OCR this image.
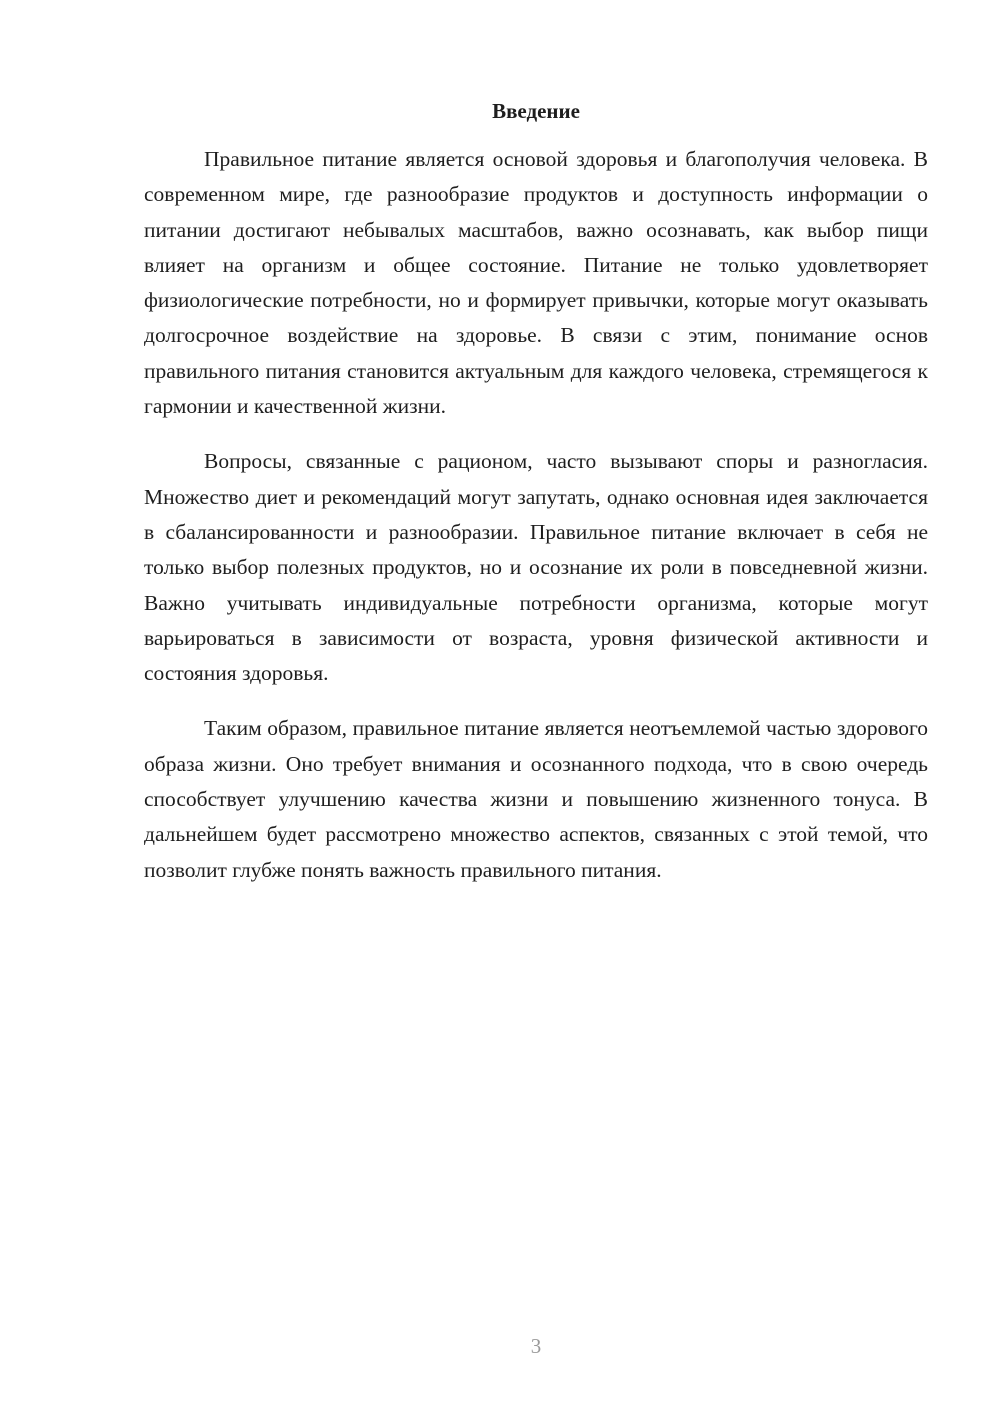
Введение

Правильное питание является основой здоровья и благополучия человека. В современном мире, где разнообразие продуктов и доступность информации о питании достигают небывалых масштабов, важно осознавать, как выбор пищи влияет на организм и общее состояние. Питание не только удовлетворяет физиологические потребности, но и формирует привычки, которые могут оказывать долгосрочное воздействие на здоровье. В связи с этим, понимание основ правильного питания становится актуальным для каждого человека, стремящегося к гармонии и качественной жизни.

Вопросы, связанные с рационом, часто вызывают споры и разногласия. Множество диет и рекомендаций могут запутать, однако основная идея заключается в сбалансированности и разнообразии. Правильное питание включает в себя не только выбор полезных продуктов, но и осознание их роли в повседневной жизни. Важно учитывать индивидуальные потребности организма, которые могут варьироваться в зависимости от возраста, уровня физической активности и состояния здоровья.

Таким образом, правильное питание является неотъемлемой частью здорового образа жизни. Оно требует внимания и осознанного подхода, что в свою очередь способствует улучшению качества жизни и повышению жизненного тонуса. В дальнейшем будет рассмотрено множество аспектов, связанных с этой темой, что позволит глубже понять важность правильного питания.

3
